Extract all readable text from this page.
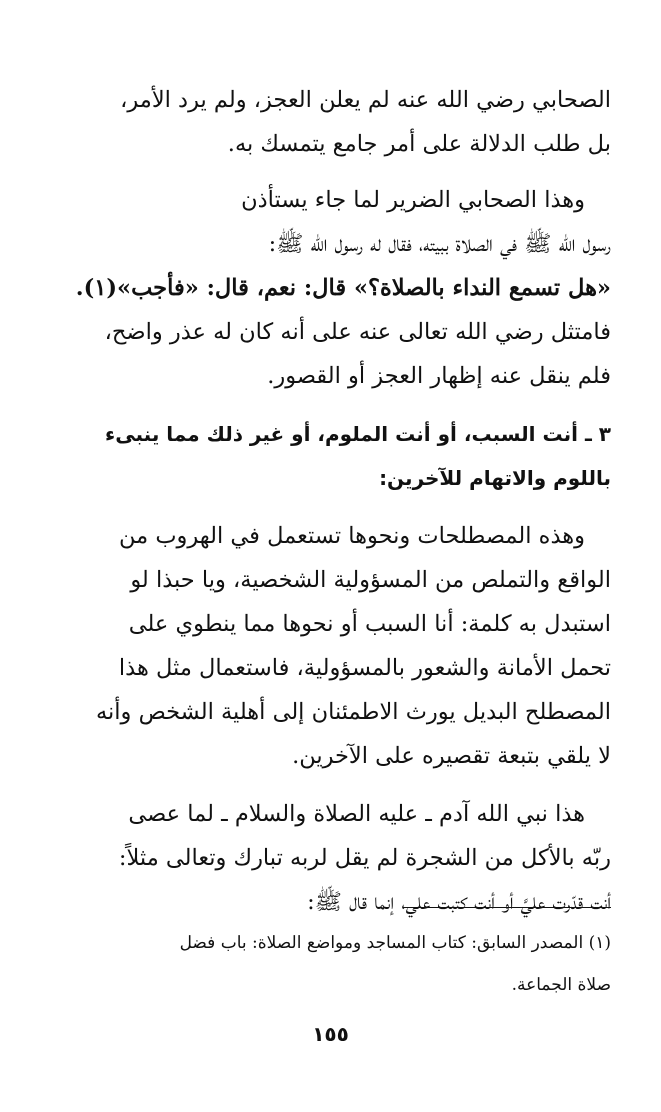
الصحابي رضي الله عنه لم يعلن العجز، ولم يرد الأمر،
بل طلب الدلالة على أمر جامع يتمسك به.

وهذا الصحابي الضرير لما جاء يستأذن
رسول الله ﷺ في الصلاة ببيته، فقال له رسول الله ﷺ:
«هل تسمع النداء بالصلاة؟» قال: نعم، قال: «فأجب»(١).
فامتثل رضي الله تعالى عنه على أنه كان له عذر واضح،
فلم ينقل عنه إظهار العجز أو القصور.

٣ ـ أنت السبب، أو أنت الملوم، أو غير ذلك مما ينبىء
باللوم والاتهام للآخرين:

وهذه المصطلحات ونحوها تستعمل في الهروب من
الواقع والتملص من المسؤولية الشخصية، ويا حبذا لو
استبدل به كلمة: أنا السبب أو نحوها مما ينطوي على
تحمل الأمانة والشعور بالمسؤولية، فاستعمال مثل هذا
المصطلح البديل يورث الاطمئنان إلى أهلية الشخص وأنه
لا يلقي بتبعة تقصيره على الآخرين.

هذا نبي الله آدم ـ عليه الصلاة والسلام ـ لما عصى
ربّه بالأكل من الشجرة لم يقل لربه تبارك وتعالى مثلاً:
أنت قدّرت عليَّ أو أنت كتبت علي، إنما قال ﷺ:

(١) المصدر السابق: كتاب المساجد ومواضع الصلاة: باب فضل
صلاة الجماعة.
١٥٥
